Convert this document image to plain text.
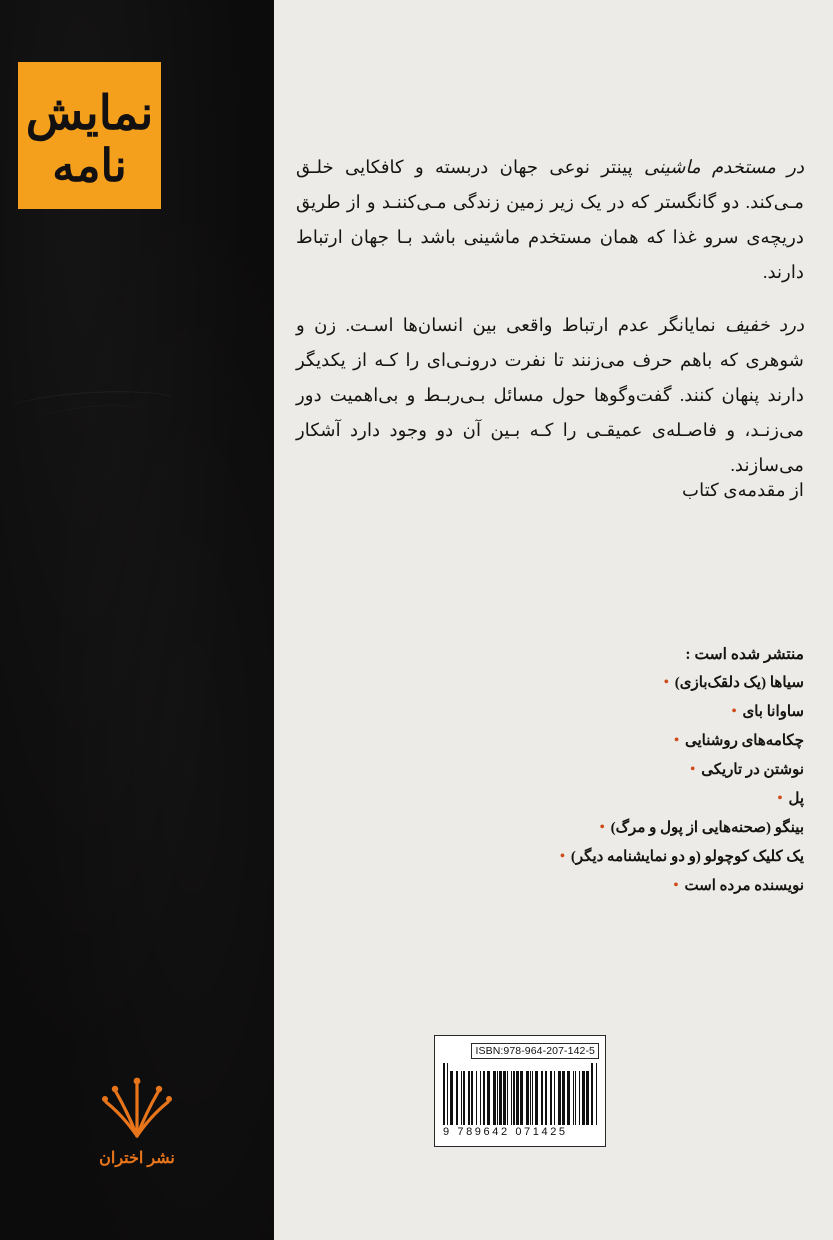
نمایش
نامه
نشر اختران

در مستخدم ماشینی پینتر نوعی جهان دربسته و کافکایی خلـق مـی‌کند. دو گانگستر که در یک زیر زمین زندگی مـی‌کننـد و از طریق دریچه‌ی سرو غذا که همان مستخدم ماشینی باشد بـا جهان ارتباط دارند.

درد خفیف نمایانگر عدم ارتباط واقعی بین انسان‌ها اسـت. زن و شوهری که باهم حرف می‌زنند تا نفرت درونـی‌ای را کـه از یکدیگر دارند پنهان کنند. گفت‌وگوها حول مسائل بـی‌ربـط و بی‌اهمیت دور می‌زنـد، و فاصـله‌ی عمیقـی را کـه بـین آن دو وجود دارد آشکار می‌سازند.

از مقدمه‌ی کتاب
منتشر شده است :
سیاها (یک دلقک‌بازی)•
ساوانا بای•
چکامه‌های روشنایی•
نوشتن در تاریکی•
پل•
بینگو (صحنه‌هایی از پول و مرگ)•
یک کلیک کوچولو (و دو نمایشنامه دیگر)•
نویسنده مرده است•
ISBN:978-964-207-142-5
9 789642 071425
